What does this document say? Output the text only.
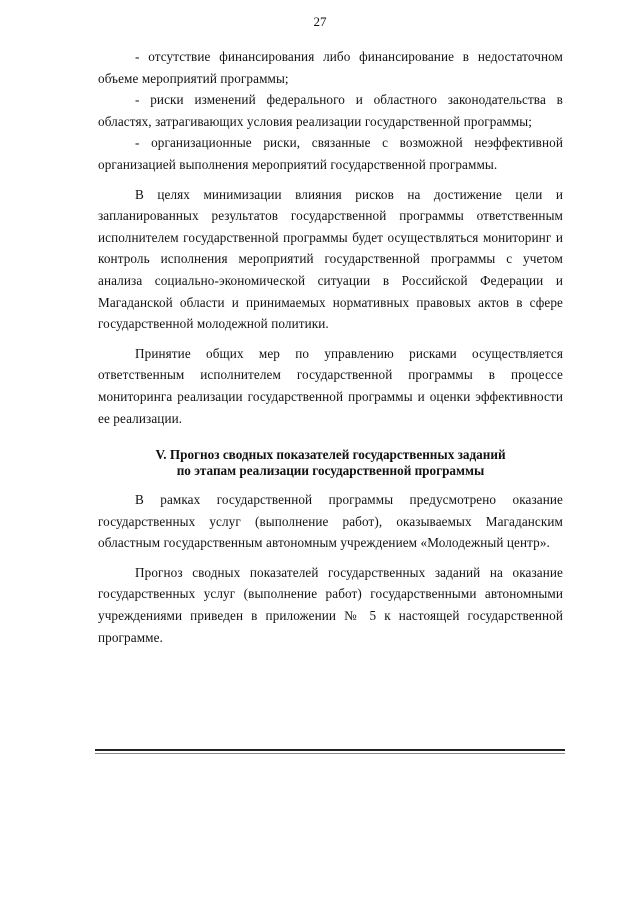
27

- отсутствие финансирования либо финансирование в недостаточном объеме мероприятий программы;

- риски изменений федерального и областного законодательства в областях, затрагивающих условия реализации государственной программы;

- организационные риски, связанные с возможной неэффективной организацией выполнения мероприятий государственной программы.

В целях минимизации влияния рисков на достижение цели и запланированных результатов государственной программы ответственным исполнителем государственной программы будет осуществляться мониторинг и контроль исполнения мероприятий государственной программы с учетом анализа социально-экономической ситуации в Российской Федерации и Магаданской области и принимаемых нормативных правовых актов в сфере государственной молодежной политики.

Принятие общих мер по управлению рисками осуществляется ответственным исполнителем государственной программы в процессе мониторинга реализации государственной программы и оценки эффективности ее реализации.

V. Прогноз сводных показателей государственных заданий
по этапам реализации государственной программы

В рамках государственной программы предусмотрено оказание государственных услуг (выполнение работ), оказываемых Магаданским областным государственным автономным учреждением «Молодежный центр».

Прогноз сводных показателей государственных заданий на оказание государственных услуг (выполнение работ) государственными автономными учреждениями приведен в приложении № 5 к настоящей государственной программе.
